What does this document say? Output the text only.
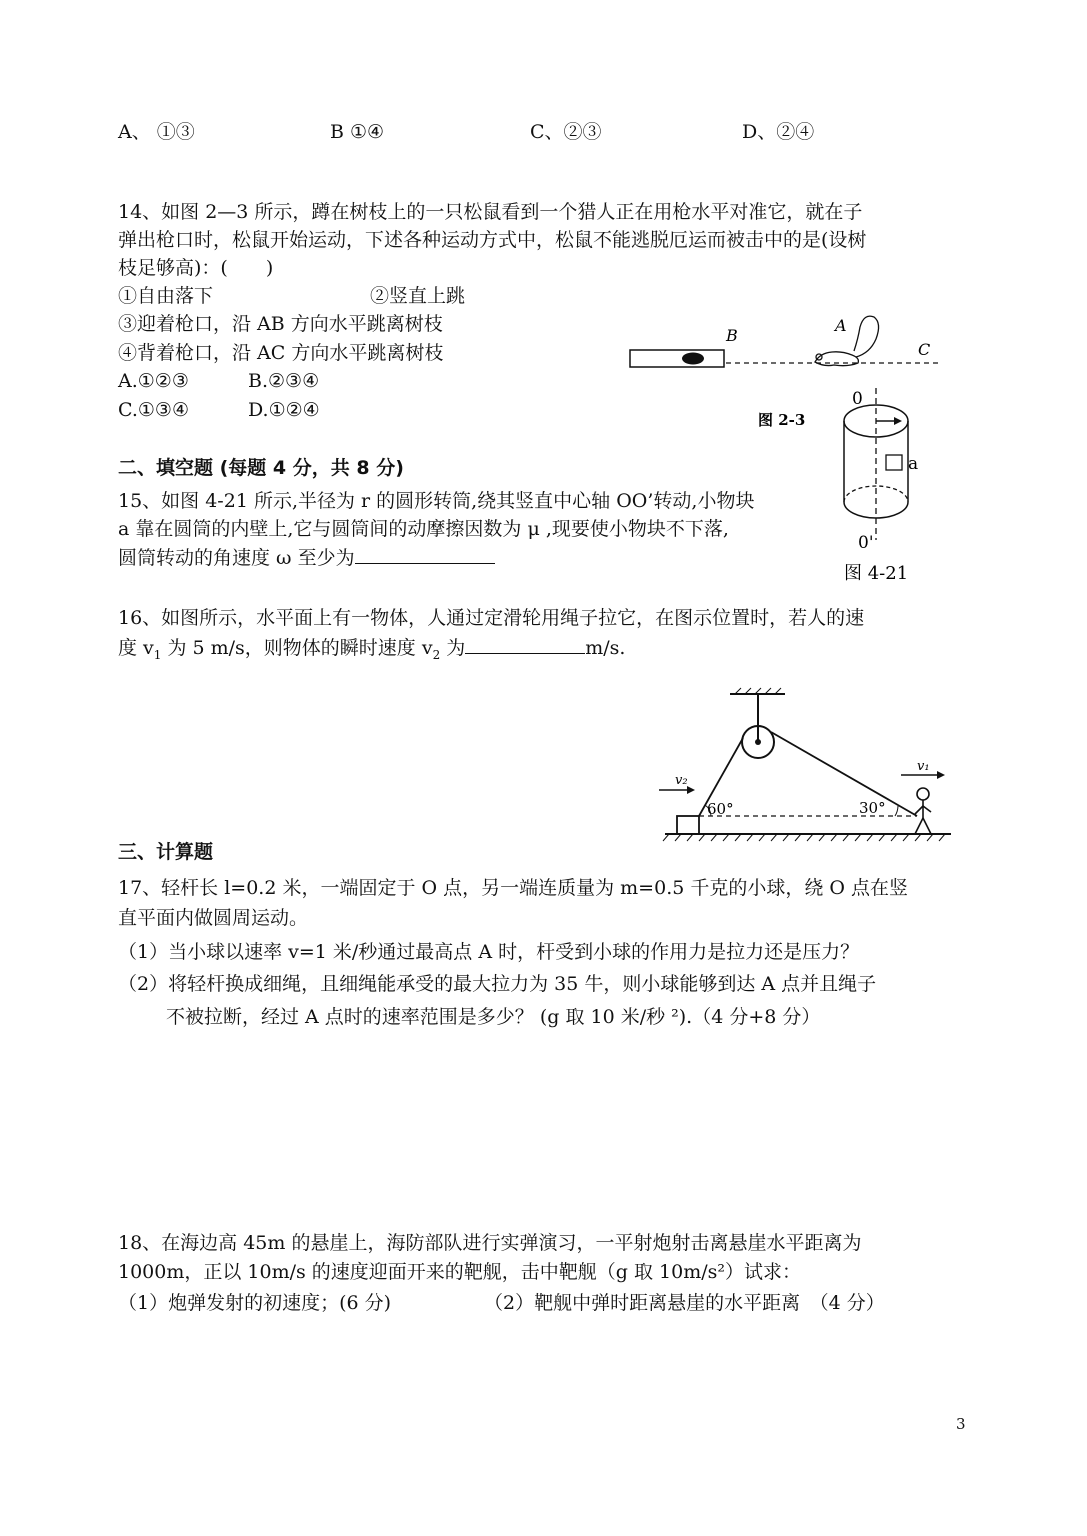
A、 ①③	B ①④	C、②③	D、②④
14、如图 2—3 所示，蹲在树枝上的一只松鼠看到一个猎人正在用枪水平对准它，就在子
弹出枪口时，松鼠开始运动，下述各种运动方式中，松鼠不能逃脱厄运而被击中的是(设树
枝足够高)：(　　)
①自由落下	②竖直上跳
③迎着枪口，沿 AB 方向水平跳离树枝
④背着枪口，沿 AC 方向水平跳离树枝
A.①②③	B.②③④
C.①③④	D.①②④
B
A
C
图 2-3
0
a
0'
图 4-21
二、填空题 (每题 4 分，共 8 分)
15、如图 4-21 所示,半径为 r 的圆形转筒,绕其竖直中心轴 OO’转动,小物块
a 靠在圆筒的内壁上,它与圆筒间的动摩擦因数为 μ ,现要使小物块不下落,
圆筒转动的角速度 ω 至少为
16、如图所示，水平面上有一物体，人通过定滑轮用绳子拉它，在图示位置时，若人的速
度 $v_1$ 为 5 m/s，则物体的瞬时速度 $v_2$ 为	m/s.
v₂
v₁
60°	30°
三、计算题
17、轻杆长 l=0.2 米，一端固定于 O 点，另一端连质量为 m=0.5 千克的小球，绕 O 点在竖
直平面内做圆周运动。
（1）当小球以速率 v=1 米/秒通过最高点 A 时，杆受到小球的作用力是拉力还是压力？
（2）将轻杆换成细绳，且细绳能承受的最大拉力为 35 牛，则小球能够到达 A 点并且绳子
不被拉断，经过 A 点时的速率范围是多少？ (g 取 10 米/秒 ²).（4 分+8 分）
18、在海边高 45m 的悬崖上，海防部队进行实弹演习，一平射炮射击离悬崖水平距离为
1000m，正以 10m/s 的速度迎面开来的靶舰，击中靶舰（g 取 10m/s²）试求：
（1）炮弹发射的初速度；(6 分)	（2）靶舰中弹时距离悬崖的水平距离　（4 分）
3
